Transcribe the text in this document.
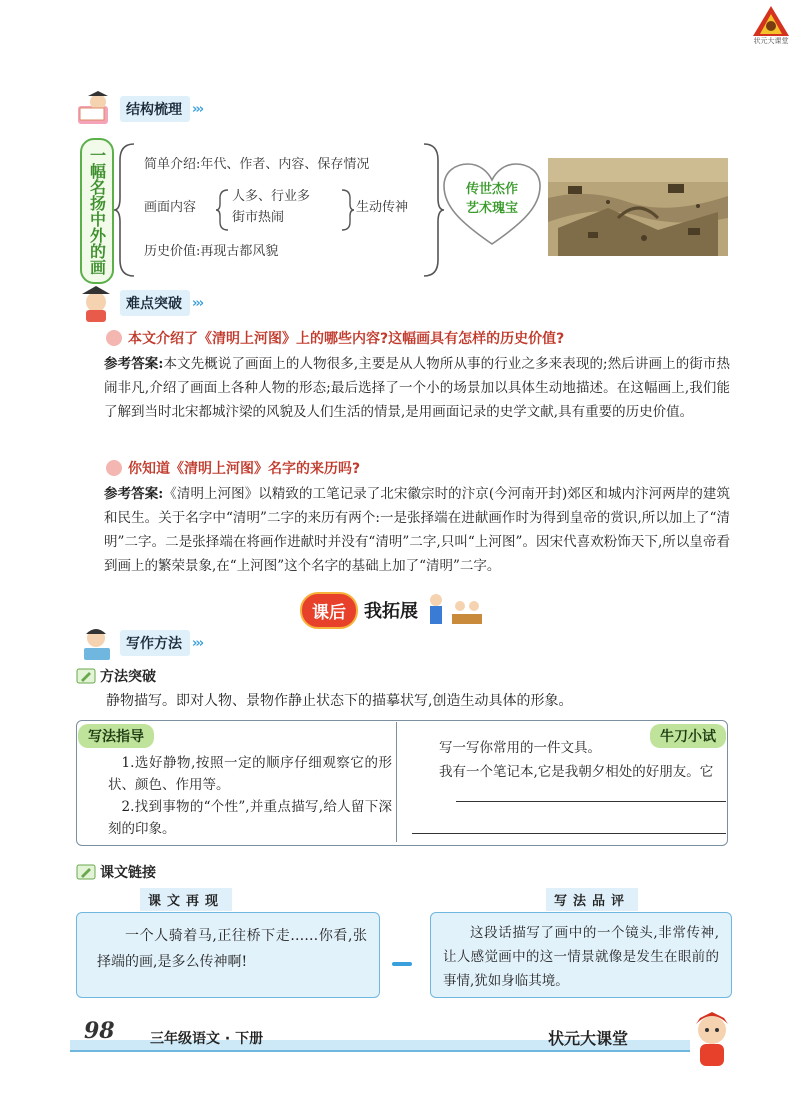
状元大课堂
结构梳理 ›››
一幅名扬中外的画	简单介绍:年代、作者、内容、保存情况
画面内容
人多、行业多
街市热闹
生动传神
历史价值:再现古都风貌
传世杰作
艺术瑰宝
难点突破 ›››
本文介绍了《清明上河图》上的哪些内容?这幅画具有怎样的历史价值?
参考答案:本文先概说了画面上的人物很多,主要是从人物所从事的行业之多来表现的;然后讲画上的街市热闹非凡,介绍了画面上各种人物的形态;最后选择了一个小的场景加以具体生动地描述。在这幅画上,我们能了解到当时北宋都城汴梁的风貌及人们生活的情景,是用画面记录的史学文献,具有重要的历史价值。
你知道《清明上河图》名字的来历吗?
参考答案:《清明上河图》以精致的工笔记录了北宋徽宗时的汴京(今河南开封)郊区和城内汴河两岸的建筑和民生。关于名字中“清明”二字的来历有两个:一是张择端在进献画作时为得到皇帝的赏识,所以加上了“清明”二字。二是张择端在将画作进献时并没有“清明”二字,只叫“上河图”。因宋代喜欢粉饰天下,所以皇帝看到画上的繁荣景象,在“上河图”这个名字的基础上加了“清明”二字。
课后	我拓展
写作方法 ›››
方法突破
静物描写。即对人物、景物作静止状态下的描摹状写,创造生动具体的形象。
写法指导	牛刀小试
1.选好静物,按照一定的顺序仔细观察它的形状、颜色、作用等。
2.找到事物的“个性”,并重点描写,给人留下深刻的印象。
写一写你常用的一件文具。
我有一个笔记本,它是我朝夕相处的好朋友。它
课文链接
课文再现	写法品评
一个人骑着马,正往桥下走……你看,张择端的画,是多么传神啊!
这段话描写了画中的一个镜头,非常传神,让人感觉画中的这一情景就像是发生在眼前的事情,犹如身临其境。
98	三年级语文 · 下册	状元大课堂
